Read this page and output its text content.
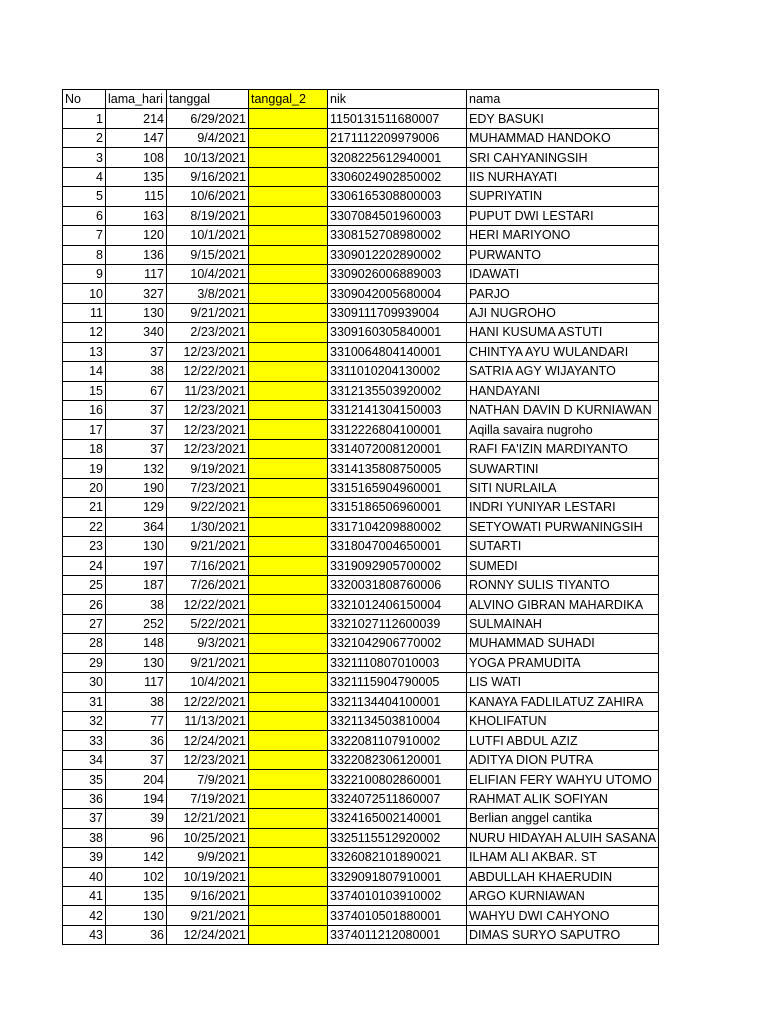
No	lama_hari	tanggal	tanggal_2	nik	nama
1	214	6/29/2021		1150131511680007	EDY BASUKI
2	147	9/4/2021		2171112209979006	MUHAMMAD HANDOKO
3	108	10/13/2021		3208225612940001	SRI CAHYANINGSIH
4	135	9/16/2021		3306024902850002	IIS NURHAYATI
5	115	10/6/2021		3306165308800003	SUPRIYATIN
6	163	8/19/2021		3307084501960003	PUPUT DWI LESTARI
7	120	10/1/2021		3308152708980002	HERI MARIYONO
8	136	9/15/2021		3309012202890002	PURWANTO
9	117	10/4/2021		3309026006889003	IDAWATI
10	327	3/8/2021		3309042005680004	PARJO
11	130	9/21/2021		3309111709939004	AJI NUGROHO
12	340	2/23/2021		3309160305840001	HANI KUSUMA ASTUTI
13	37	12/23/2021		3310064804140001	CHINTYA AYU WULANDARI
14	38	12/22/2021		3311010204130002	SATRIA AGY WIJAYANTO
15	67	11/23/2021		3312135503920002	HANDAYANI
16	37	12/23/2021		3312141304150003	NATHAN DAVIN D KURNIAWAN
17	37	12/23/2021		3312226804100001	Aqilla savaira nugroho
18	37	12/23/2021		3314072008120001	RAFI FA'IZIN MARDIYANTO
19	132	9/19/2021		3314135808750005	SUWARTINI
20	190	7/23/2021		3315165904960001	SITI NURLAILA
21	129	9/22/2021		3315186506960001	INDRI YUNIYAR LESTARI
22	364	1/30/2021		3317104209880002	SETYOWATI PURWANINGSIH
23	130	9/21/2021		3318047004650001	SUTARTI
24	197	7/16/2021		3319092905700002	SUMEDI
25	187	7/26/2021		3320031808760006	RONNY SULIS TIYANTO
26	38	12/22/2021		3321012406150004	ALVINO GIBRAN MAHARDIKA
27	252	5/22/2021		3321027112600039	SULMAINAH
28	148	9/3/2021		3321042906770002	MUHAMMAD SUHADI
29	130	9/21/2021		3321110807010003	YOGA PRAMUDITA
30	117	10/4/2021		3321115904790005	LIS WATI
31	38	12/22/2021		3321134404100001	KANAYA FADLILATUZ ZAHIRA
32	77	11/13/2021		3321134503810004	KHOLIFATUN
33	36	12/24/2021		3322081107910002	LUTFI ABDUL AZIZ
34	37	12/23/2021		3322082306120001	ADITYA DION PUTRA
35	204	7/9/2021		3322100802860001	ELIFIAN FERY WAHYU UTOMO
36	194	7/19/2021		3324072511860007	RAHMAT ALIK SOFIYAN
37	39	12/21/2021		3324165002140001	Berlian anggel cantika
38	96	10/25/2021		3325115512920002	NURU HIDAYAH ALUIH SASANA
39	142	9/9/2021		3326082101890021	ILHAM ALI AKBAR. ST
40	102	10/19/2021		3329091807910001	ABDULLAH KHAERUDIN
41	135	9/16/2021		3374010103910002	ARGO KURNIAWAN
42	130	9/21/2021		3374010501880001	WAHYU DWI CAHYONO
43	36	12/24/2021		3374011212080001	DIMAS SURYO SAPUTRO
